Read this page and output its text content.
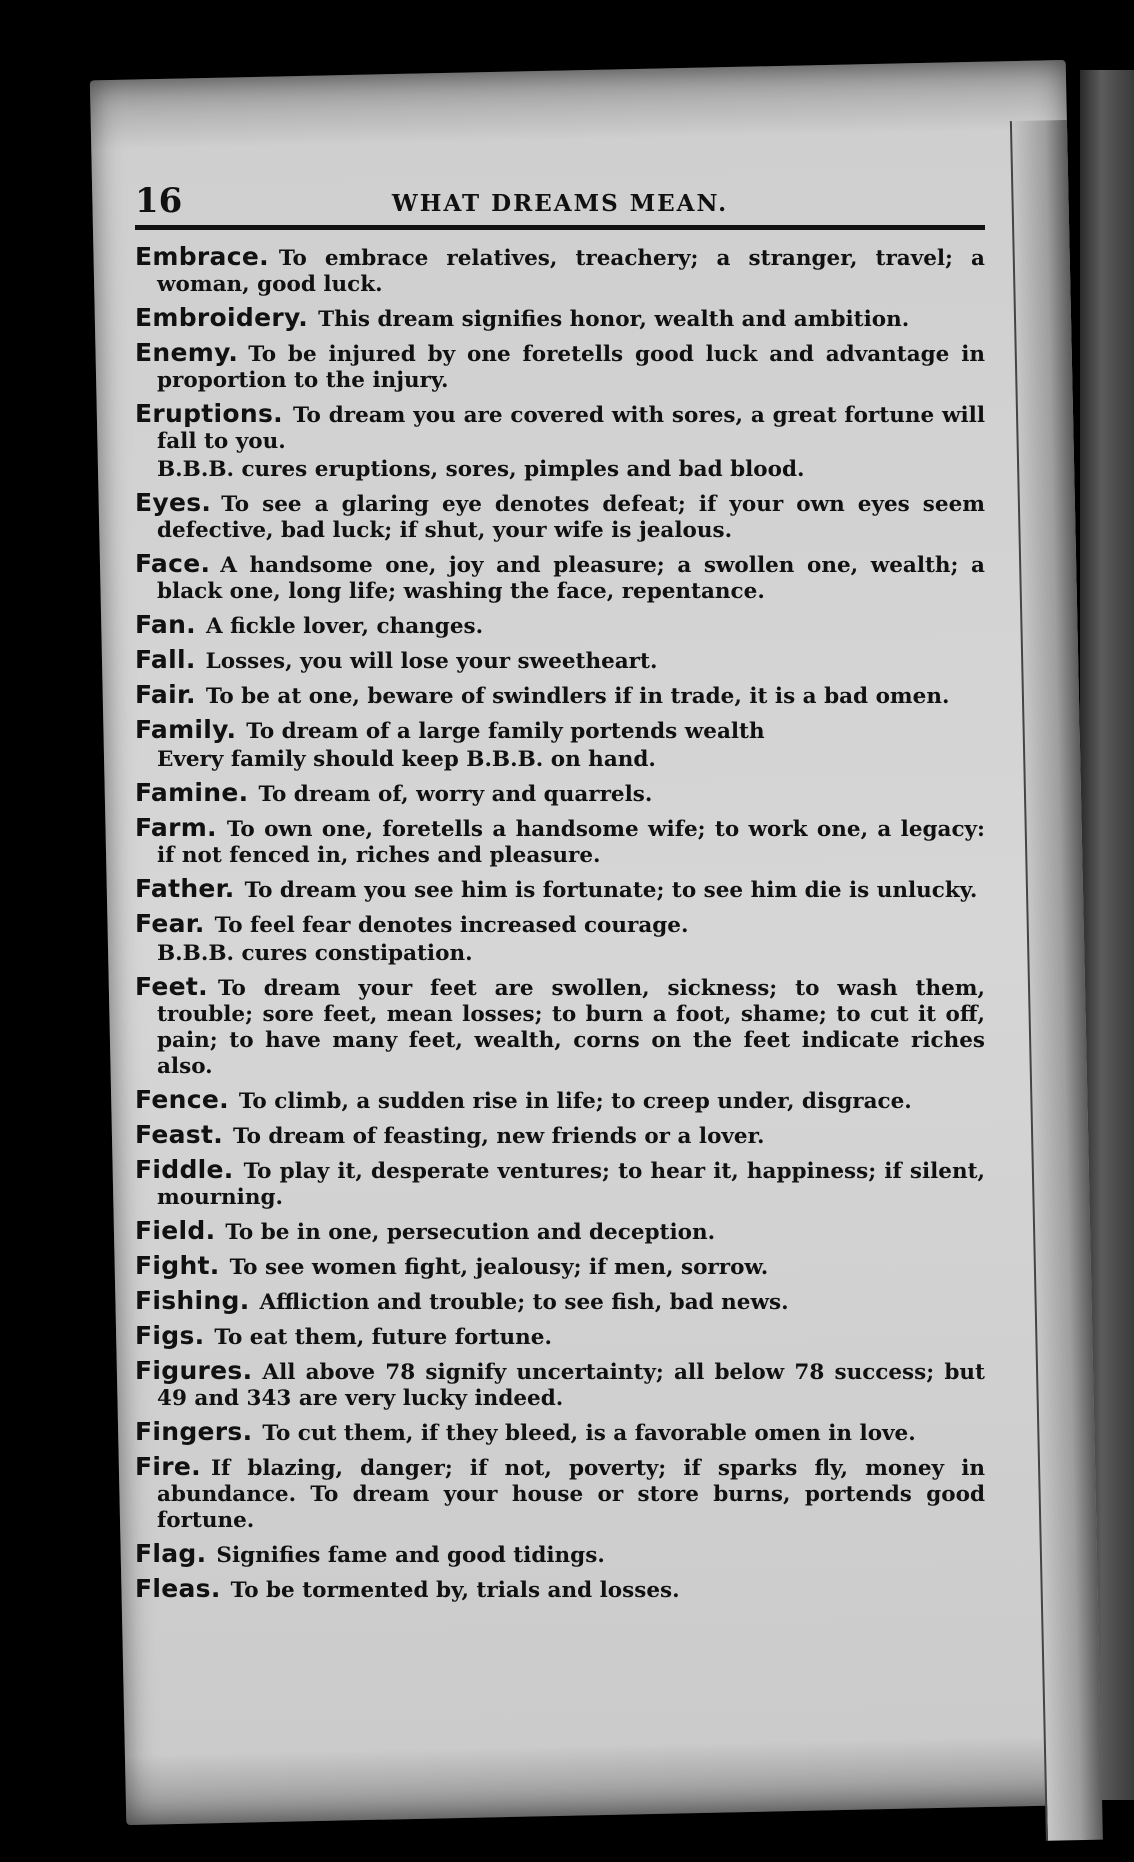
16	WHAT DREAMS MEAN.
Embrace. To embrace relatives, treachery; a stranger, travel; a woman, good luck.
Embroidery. This dream signifies honor, wealth and ambition.
Enemy. To be injured by one foretells good luck and advantage in proportion to the injury.
Eruptions. To dream you are covered with sores, a great fortune will fall to you.
B.B.B. cures eruptions, sores, pimples and bad blood.
Eyes. To see a glaring eye denotes defeat; if your own eyes seem defective, bad luck; if shut, your wife is jealous.
Face. A handsome one, joy and pleasure; a swollen one, wealth; a black one, long life; washing the face, repentance.
Fan. A fickle lover, changes.
Fall. Losses, you will lose your sweetheart.
Fair. To be at one, beware of swindlers if in trade, it is a bad omen.
Family. To dream of a large family portends wealth
Every family should keep B.B.B. on hand.
Famine. To dream of, worry and quarrels.
Farm. To own one, foretells a handsome wife; to work one, a legacy: if not fenced in, riches and pleasure.
Father. To dream you see him is fortunate; to see him die is unlucky.
Fear. To feel fear denotes increased courage.
B.B.B. cures constipation.
Feet. To dream your feet are swollen, sickness; to wash them, trouble; sore feet, mean losses; to burn a foot, shame; to cut it off, pain; to have many feet, wealth, corns on the feet indicate riches also.
Fence. To climb, a sudden rise in life; to creep under, disgrace.
Feast. To dream of feasting, new friends or a lover.
Fiddle. To play it, desperate ventures; to hear it, happiness; if silent, mourning.
Field. To be in one, persecution and deception.
Fight. To see women fight, jealousy; if men, sorrow.
Fishing. Affliction and trouble; to see fish, bad news.
Figs. To eat them, future fortune.
Figures. All above 78 signify uncertainty; all below 78 success; but 49 and 343 are very lucky indeed.
Fingers. To cut them, if they bleed, is a favorable omen in love.
Fire. If blazing, danger; if not, poverty; if sparks fly, money in abundance. To dream your house or store burns, portends good fortune.
Flag. Signifies fame and good tidings.
Fleas. To be tormented by, trials and losses.
